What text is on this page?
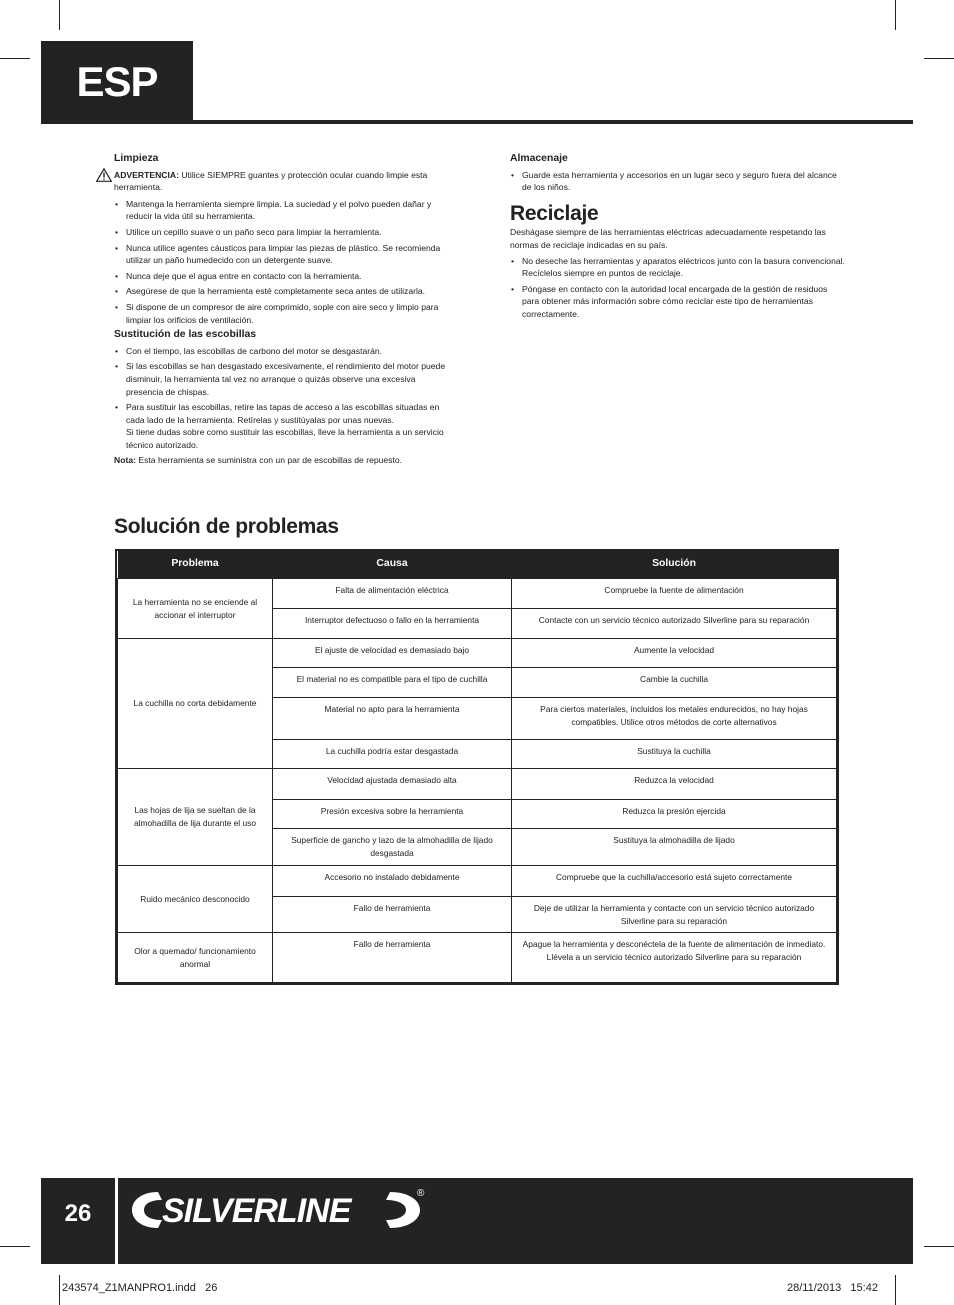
ESP
Limpieza
ADVERTENCIA: Utilice SIEMPRE guantes y protección ocular cuando limpie esta herramienta.
• Mantenga la herramienta siempre limpia. La suciedad y el polvo pueden dañar y reducir la vida útil su herramienta.
• Utilice un cepillo suave o un paño seco para limpiar la herramienta.
• Nunca utilice agentes cáusticos para limpiar las piezas de plástico. Se recomienda utilizar un paño humedecido con un detergente suave.
• Nunca deje que el agua entre en contacto con la herramienta.
• Asegúrese de que la herramienta esté completamente seca antes de utilizarla.
• Si dispone de un compresor de aire comprimido, sople con aire seco y limpio para limpiar los orificios de ventilación.
Sustitución de las escobillas
• Con el tiempo, las escobillas de carbono del motor se desgastarán.
• Si las escobillas se han desgastado excesivamente, el rendimiento del motor puede disminuir, la herramienta tal vez no arranque o quizás observe una excesiva presencia de chispas.
• Para sustituir las escobillas, retire las tapas de acceso a las escobillas situadas en cada lado de la herramienta. Retírelas y sustitúyalas por unas nuevas.
Si tiene dudas sobre como sustituir las escobillas, lleve la herramienta a un servicio técnico autorizado.

Nota: Esta herramienta se suministra con un par de escobillas de repuesto.

Almacenaje
• Guarde esta herramienta y accesorios en un lugar seco y seguro fuera del alcance de los niños.
Reciclaje

Deshágase siempre de las herramientas eléctricas adecuadamente respetando las normas de reciclaje indicadas en su país.

• No deseche las herramientas y aparatos eléctricos junto con la basura convencional. Recíclelos siempre en puntos de reciclaje.
• Póngase en contacto con la autoridad local encargada de la gestión de residuos para obtener más información sobre cómo reciclar este tipo de herramientas correctamente.
Solución de problemas
Problema	Causa	Solución
La herramienta no se enciende al accionar el interruptor	Falta de alimentación eléctrica	Compruebe la fuente de alimentación
	Interruptor defectuoso o fallo en la herramienta	Contacte con un servicio técnico autorizado Silverline para su reparación
La cuchilla no corta debidamente	El ajuste de velocidad es demasiado bajo	Aumente la velocidad
	El material no es compatible para el tipo de cuchilla	Cambie la cuchilla
	Material no apto para la herramienta	Para ciertos materiales, incluidos los metales endurecidos, no hay hojas compatibles. Utilice otros métodos de corte alternativos
	La cuchilla podría estar desgastada	Sustituya la cuchilla
Las hojas de lija se sueltan de la almohadilla de lija durante el uso	Velocidad ajustada demasiado alta	Reduzca la velocidad
	Presión excesiva sobre la herramienta	Reduzca la presión ejercida
	Superficie de gancho y lazo de la almohadilla de lijado desgastada	Sustituya la almohadilla de lijado
Ruido mecánico desconocido	Accesorio no instalado debidamente	Compruebe que la cuchilla/accesorio está sujeto correctamente
	Fallo de herramienta	Deje de utilizar la herramienta y contacte con un servicio técnico autorizado Silverline para su reparación
Olor a quemado/ funcionamiento anormal	Fallo de herramienta	Apague la herramienta y desconéctela de la fuente de alimentación de inmediato. Llévela a un servicio técnico autorizado Silverline para su reparación
26	SILVERLINE	®
243574_Z1MANPRO1.indd   26	28/11/2013   15:42
